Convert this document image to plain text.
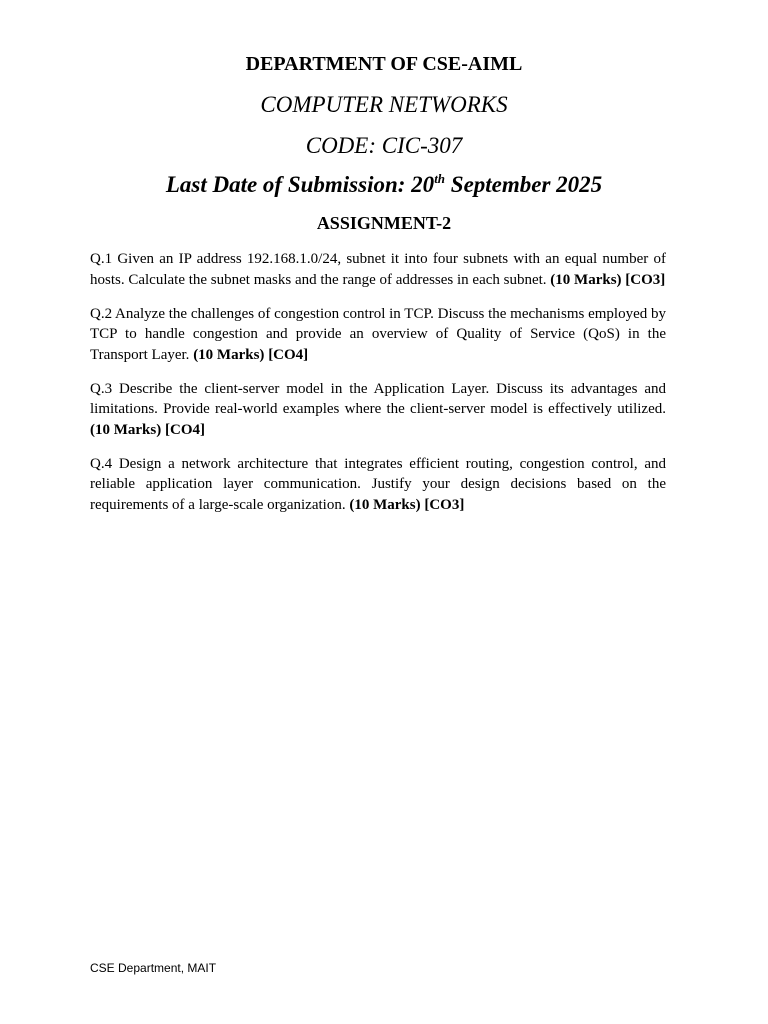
DEPARTMENT OF CSE-AIML
COMPUTER NETWORKS
CODE: CIC-307
Last Date of Submission: 20th September 2025
ASSIGNMENT-2
Q.1 Given an IP address 192.168.1.0/24, subnet it into four subnets with an equal number of hosts. Calculate the subnet masks and the range of addresses in each subnet. (10 Marks) [CO3]
Q.2 Analyze the challenges of congestion control in TCP. Discuss the mechanisms employed by TCP to handle congestion and provide an overview of Quality of Service (QoS) in the Transport Layer. (10 Marks) [CO4]
Q.3 Describe the client-server model in the Application Layer. Discuss its advantages and limitations. Provide real-world examples where the client-server model is effectively utilized. (10 Marks) [CO4]
Q.4 Design a network architecture that integrates efficient routing, congestion control, and reliable application layer communication. Justify your design decisions based on the requirements of a large-scale organization. (10 Marks) [CO3]
CSE Department, MAIT
